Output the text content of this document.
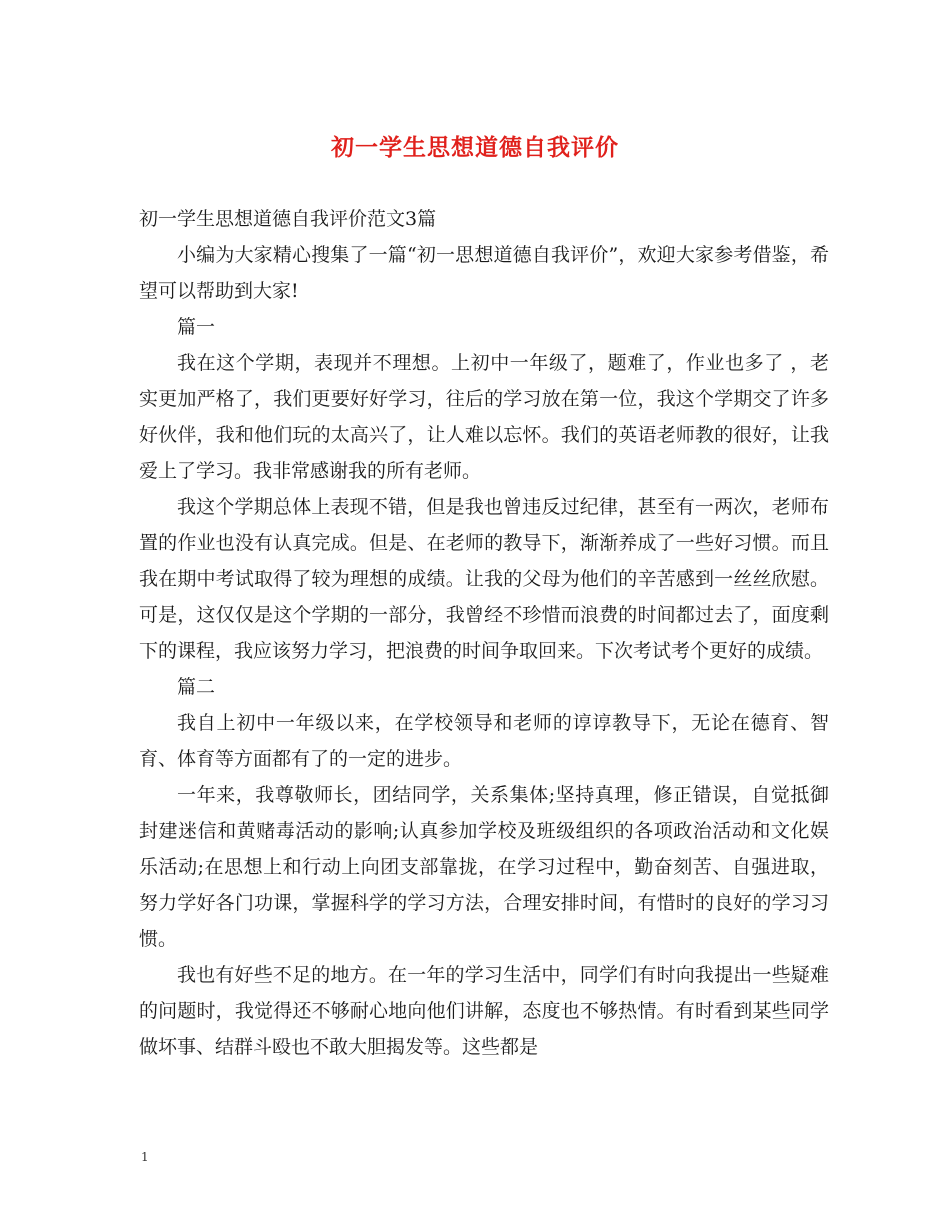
初一学生思想道德自我评价

初一学生思想道德自我评价范文3篇

小编为大家精心搜集了一篇“初一思想道德自我评价”，欢迎大家参考借鉴，希望可以帮助到大家!

篇一

我在这个学期，表现并不理想。上初中一年级了，题难了，作业也多了 ，老实更加严格了，我们更要好好学习，往后的学习放在第一位，我这个学期交了许多好伙伴，我和他们玩的太高兴了，让人难以忘怀。我们的英语老师教的很好，让我爱上了学习。我非常感谢我的所有老师。

我这个学期总体上表现不错，但是我也曾违反过纪律，甚至有一两次，老师布置的作业也没有认真完成。但是、在老师的教导下，渐渐养成了一些好习惯。而且我在期中考试取得了较为理想的成绩。让我的父母为他们的辛苦感到一丝丝欣慰。可是，这仅仅是这个学期的一部分，我曾经不珍惜而浪费的时间都过去了，面度剩下的课程，我应该努力学习，把浪费的时间争取回来。下次考试考个更好的成绩。

篇二

我自上初中一年级以来，在学校领导和老师的谆谆教导下，无论在德育、智育、体育等方面都有了的一定的进步。

一年来，我尊敬师长，团结同学，关系集体;坚持真理，修正错误，自觉抵御封建迷信和黄赌毒活动的影响;认真参加学校及班级组织的各项政治活动和文化娱乐活动;在思想上和行动上向团支部靠拢，在学习过程中，勤奋刻苦、自强进取，努力学好各门功课，掌握科学的学习方法，合理安排时间，有惜时的良好的学习习惯。

我也有好些不足的地方。在一年的学习生活中，同学们有时向我提出一些疑难的问题时，我觉得还不够耐心地向他们讲解，态度也不够热情。有时看到某些同学做坏事、结群斗殴也不敢大胆揭发等。这些都是

1
